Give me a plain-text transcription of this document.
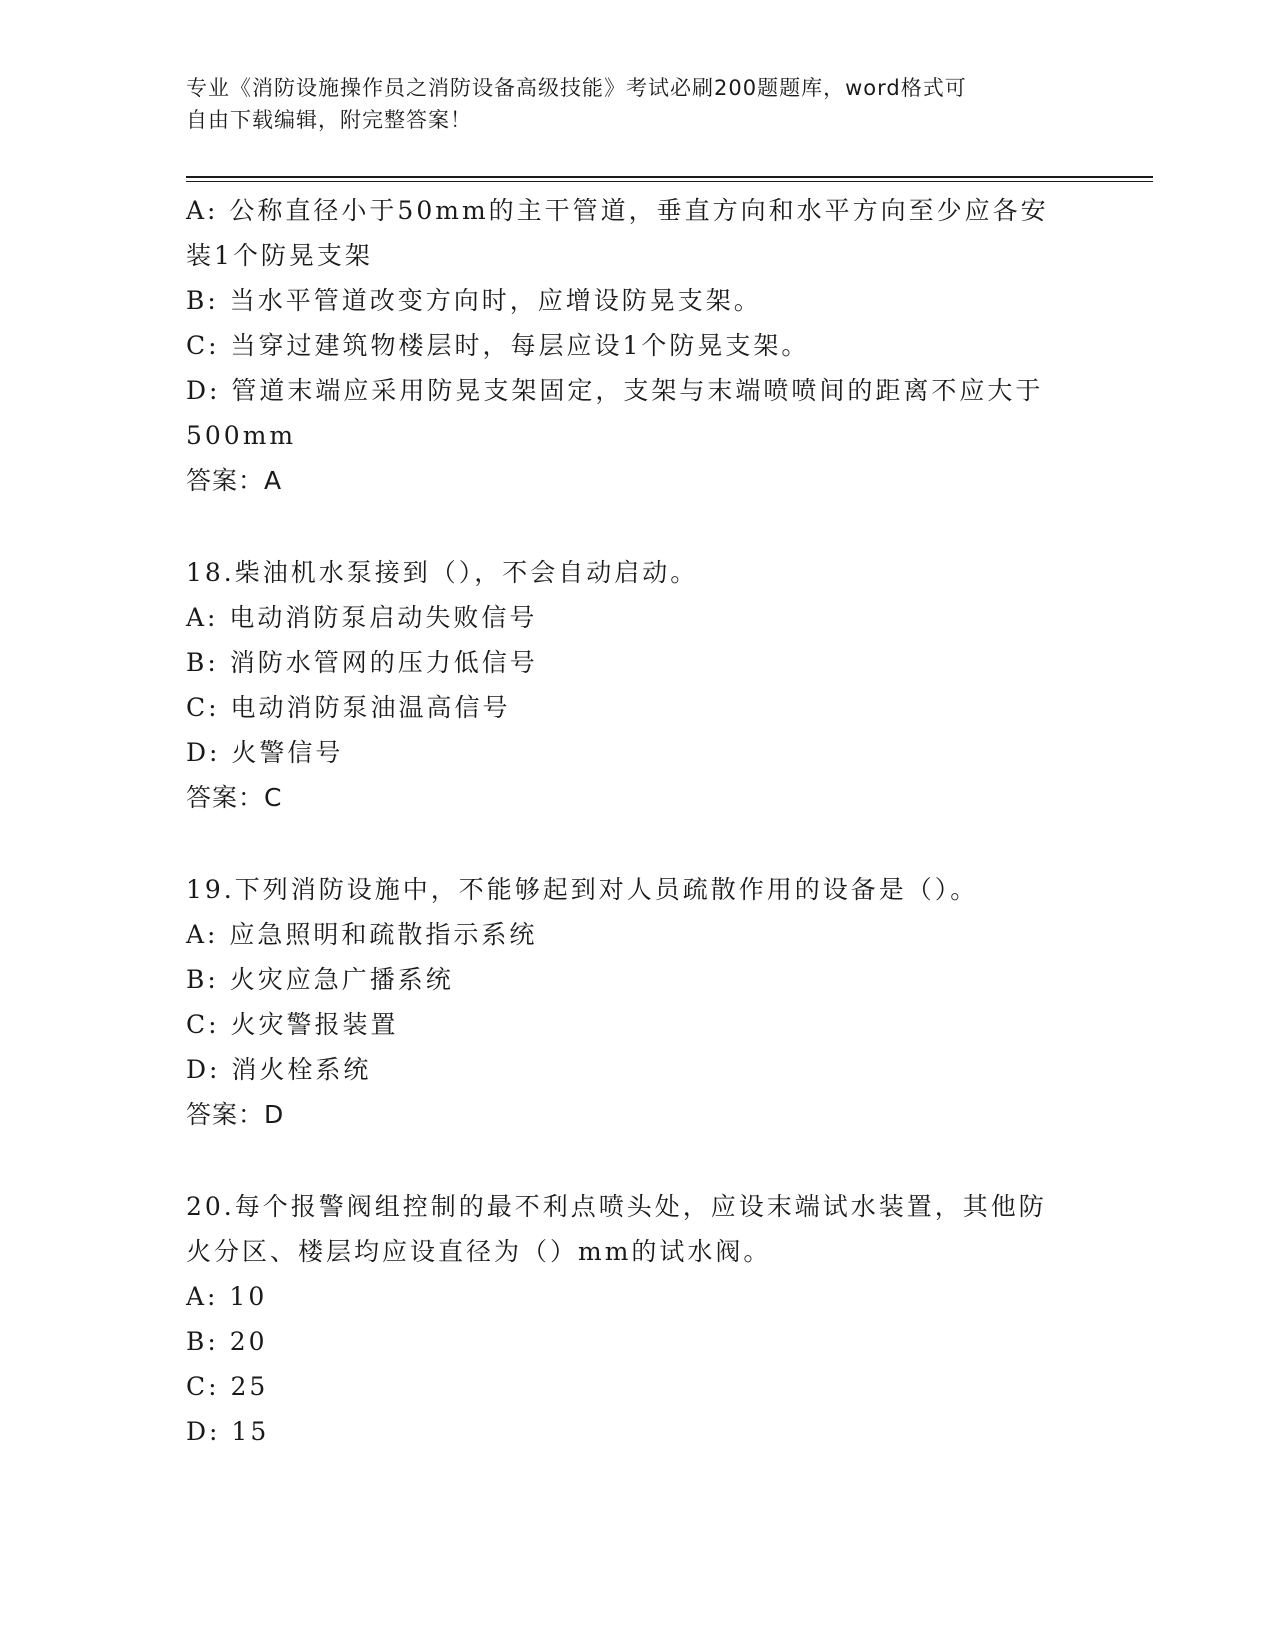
专业《消防设施操作员之消防设备高级技能》考试必刷200题题库，word格式可
自由下载编辑，附完整答案！
A: 公称直径小于50mm的主干管道，垂直方向和水平方向至少应各安
装1个防晃支架
B: 当水平管道改变方向时，应增设防晃支架。
C: 当穿过建筑物楼层时，每层应设1个防晃支架。
D: 管道末端应采用防晃支架固定，支架与末端喷喷间的距离不应大于
500mm
答案：A
18.柴油机水泵接到（），不会自动启动。
A: 电动消防泵启动失败信号
B: 消防水管网的压力低信号
C: 电动消防泵油温高信号
D: 火警信号
答案：C
19.下列消防设施中，不能够起到对人员疏散作用的设备是（）。
A: 应急照明和疏散指示系统
B: 火灾应急广播系统
C: 火灾警报装置
D: 消火栓系统
答案：D
20.每个报警阀组控制的最不利点喷头处，应设末端试水装置，其他防
火分区、楼层均应设直径为（）mm的试水阀。
A: 10
B: 20
C: 25
D: 15
